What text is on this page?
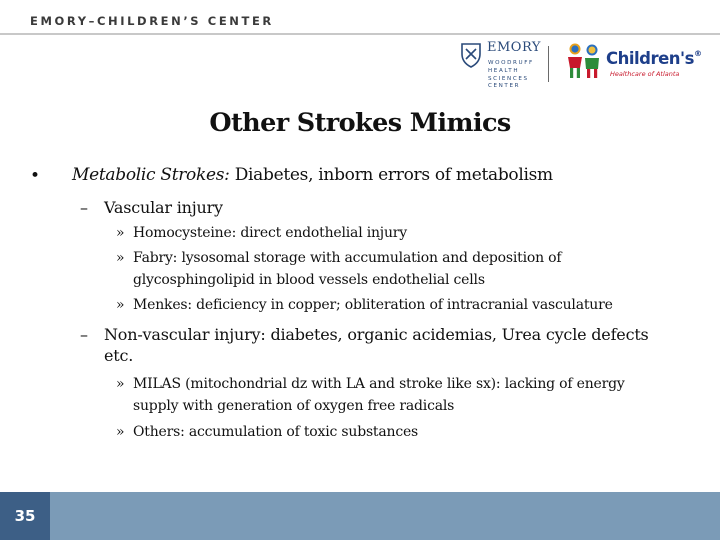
EMORY–CHILDREN’S CENTER
EMORY
WOODRUFF
HEALTH
SCIENCES
CENTER
Children's®
Healthcare of Atlanta
Other Strokes Mimics
• Metabolic Strokes: Diabetes, inborn errors of metabolism
– Vascular injury
» Homocysteine: direct endothelial injury
» Fabry: lysosomal storage with accumulation and deposition of
glycosphingolipid in blood vessels endothelial cells
» Menkes: deficiency in copper; obliteration of intracranial vasculature
– Non-vascular injury: diabetes, organic acidemias, Urea cycle defects
etc.
» MILAS (mitochondrial dz with LA and stroke like sx): lacking of energy
supply with generation of oxygen free radicals
» Others: accumulation of toxic substances
35
